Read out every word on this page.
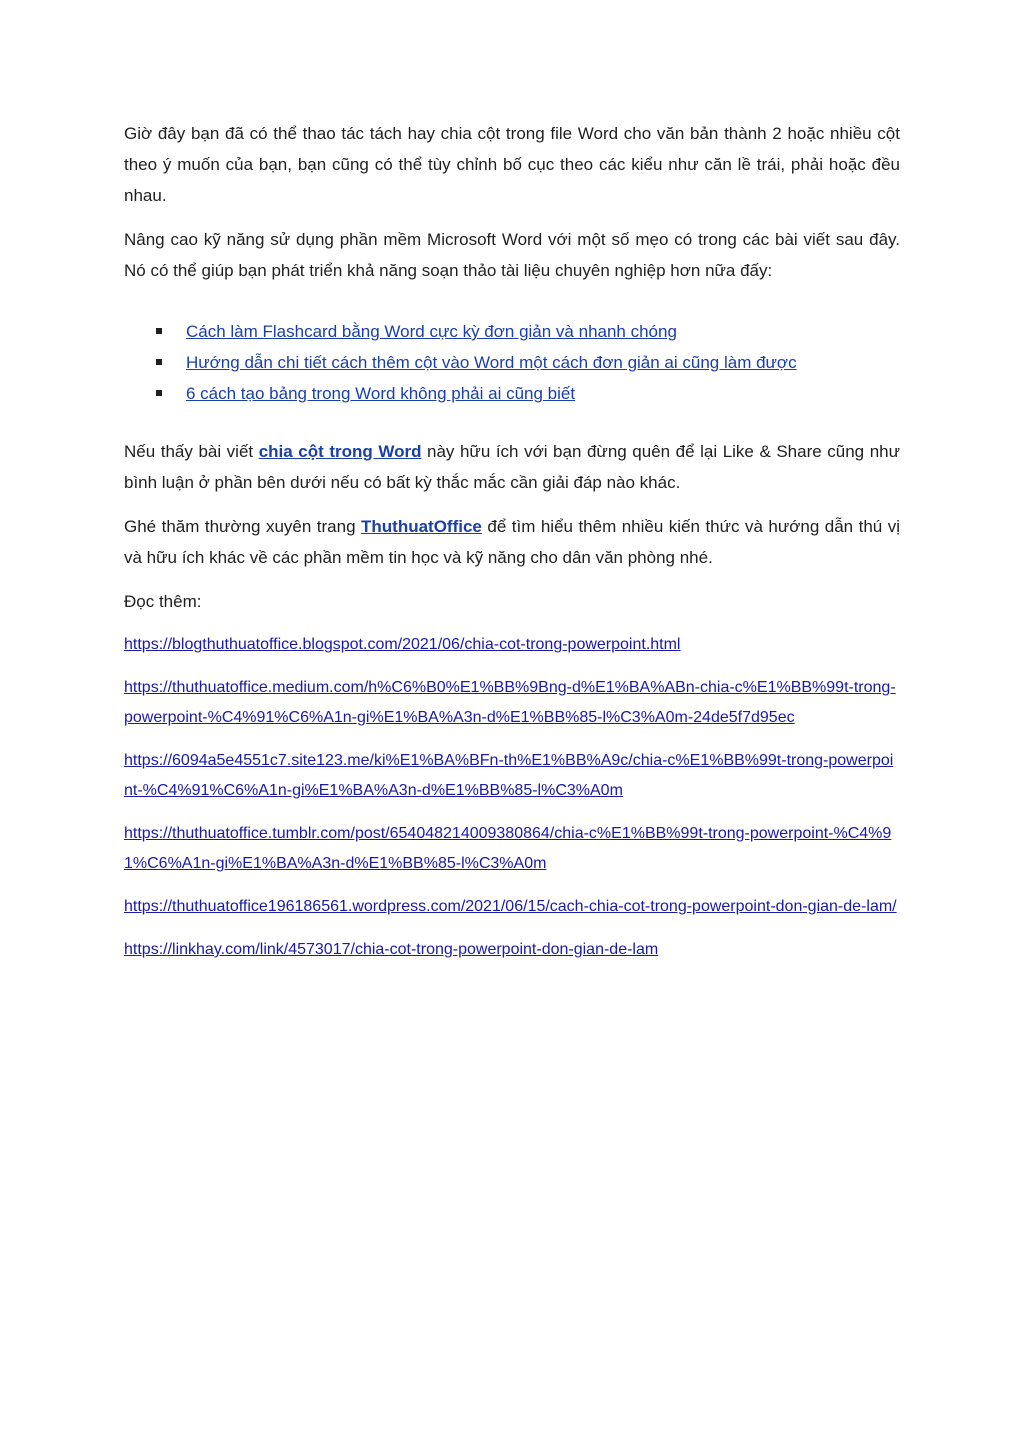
Giờ đây bạn đã có thể thao tác tách hay chia cột trong file Word cho văn bản thành 2 hoặc nhiều cột theo ý muốn của bạn, bạn cũng có thể tùy chỉnh bố cục theo các kiểu như căn lề trái, phải hoặc đều nhau.

Nâng cao kỹ năng sử dụng phần mềm Microsoft Word với một số mẹo có trong các bài viết sau đây. Nó có thể giúp bạn phát triển khả năng soạn thảo tài liệu chuyên nghiệp hơn nữa đấy:

Cách làm Flashcard bằng Word cực kỳ đơn giản và nhanh chóng
Hướng dẫn chi tiết cách thêm cột vào Word một cách đơn giản ai cũng làm được
6 cách tạo bảng trong Word không phải ai cũng biết

Nếu thấy bài viết chia cột trong Word này hữu ích với bạn đừng quên để lại Like & Share cũng như bình luận ở phần bên dưới nếu có bất kỳ thắc mắc cần giải đáp nào khác.

Ghé thăm thường xuyên trang ThuthuatOffice để tìm hiểu thêm nhiều kiến thức và hướng dẫn thú vị và hữu ích khác về các phần mềm tin học và kỹ năng cho dân văn phòng nhé.

Đọc thêm:

https://blogthuthuatoffice.blogspot.com/2021/06/chia-cot-trong-powerpoint.html
https://thuthuatoffice.medium.com/h%C6%B0%E1%BB%9Bng-d%E1%BA%ABn-chia-c%E1%BB%99t-trong-powerpoint-%C4%91%C6%A1n-gi%E1%BA%A3n-d%E1%BB%85-l%C3%A0m-24de5f7d95ec
https://6094a5e4551c7.site123.me/ki%E1%BA%BFn-th%E1%BB%A9c/chia-c%E1%BB%99t-trong-powerpoint-%C4%91%C6%A1n-gi%E1%BA%A3n-d%E1%BB%85-l%C3%A0m
https://thuthuatoffice.tumblr.com/post/654048214009380864/chia-c%E1%BB%99t-trong-powerpoint-%C4%91%C6%A1n-gi%E1%BA%A3n-d%E1%BB%85-l%C3%A0m
https://thuthuatoffice196186561.wordpress.com/2021/06/15/cach-chia-cot-trong-powerpoint-don-gian-de-lam/
https://linkhay.com/link/4573017/chia-cot-trong-powerpoint-don-gian-de-lam
